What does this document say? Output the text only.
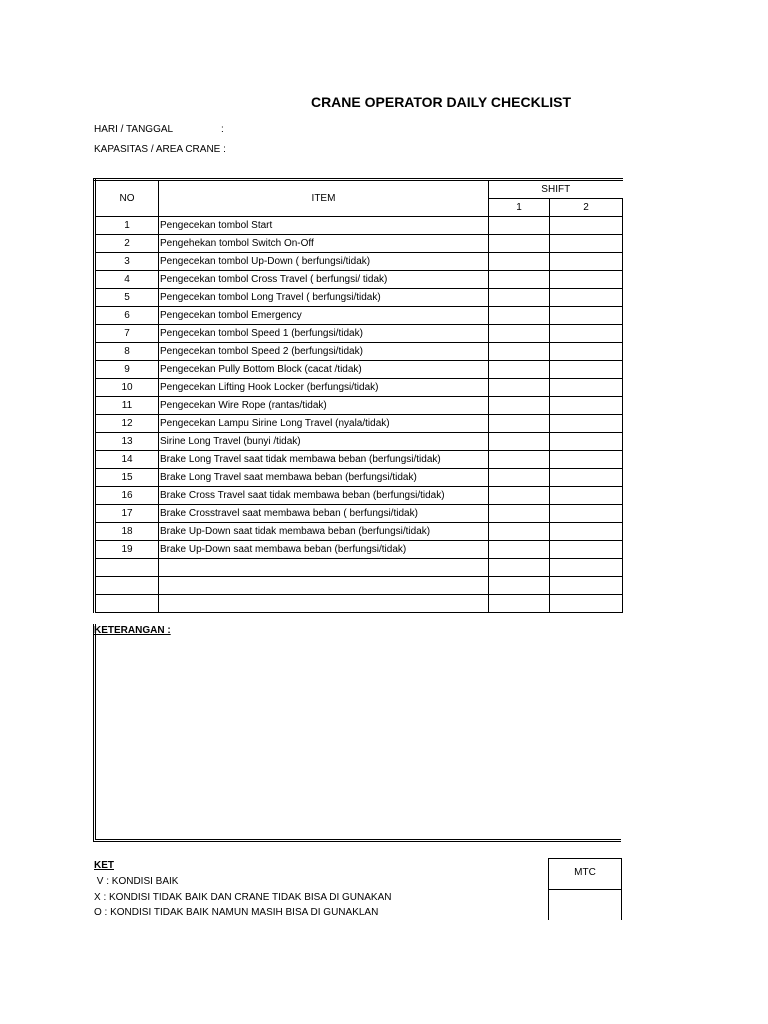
CRANE OPERATOR DAILY CHECKLIST
HARI / TANGGAL	:
KAPASITAS / AREA CRANE :
NO	ITEM	SHIFT	
		1	2
1	Pengecekan tombol Start		
2	Pengehekan tombol Switch On-Off		
3	Pengecekan tombol Up-Down ( berfungsi/tidak)		
4	Pengecekan tombol Cross Travel ( berfungsi/ tidak)		
5	Pengecekan tombol Long Travel ( berfungsi/tidak)		
6	Pengecekan tombol Emergency		
7	Pengecekan tombol Speed 1 (berfungsi/tidak)		
8	Pengecekan tombol Speed 2 (berfungsi/tidak)		
9	Pengecekan Pully Bottom Block (cacat /tidak)		
10	Pengecekan Lifting Hook Locker (berfungsi/tidak)		
11	Pengecekan Wire Rope (rantas/tidak)		
12	Pengecekan Lampu Sirine Long Travel (nyala/tidak)		
13	Sirine Long Travel (bunyi /tidak)		
14	Brake Long Travel saat tidak membawa beban (berfungsi/tidak)		
15	Brake Long Travel saat membawa beban (berfungsi/tidak)		
16	Brake Cross Travel saat tidak membawa beban (berfungsi/tidak)		
17	Brake Crosstravel saat membawa beban ( berfungsi/tidak)		
18	Brake Up-Down saat tidak membawa beban (berfungsi/tidak)		
19	Brake Up-Down saat membawa beban (berfungsi/tidak)		

KETERANGAN :
KET
V : KONDISI BAIK
X : KONDISI TIDAK BAIK DAN CRANE TIDAK BISA DI GUNAKAN
O : KONDISI TIDAK BAIK NAMUN MASIH BISA DI GUNAKLAN
MTC
